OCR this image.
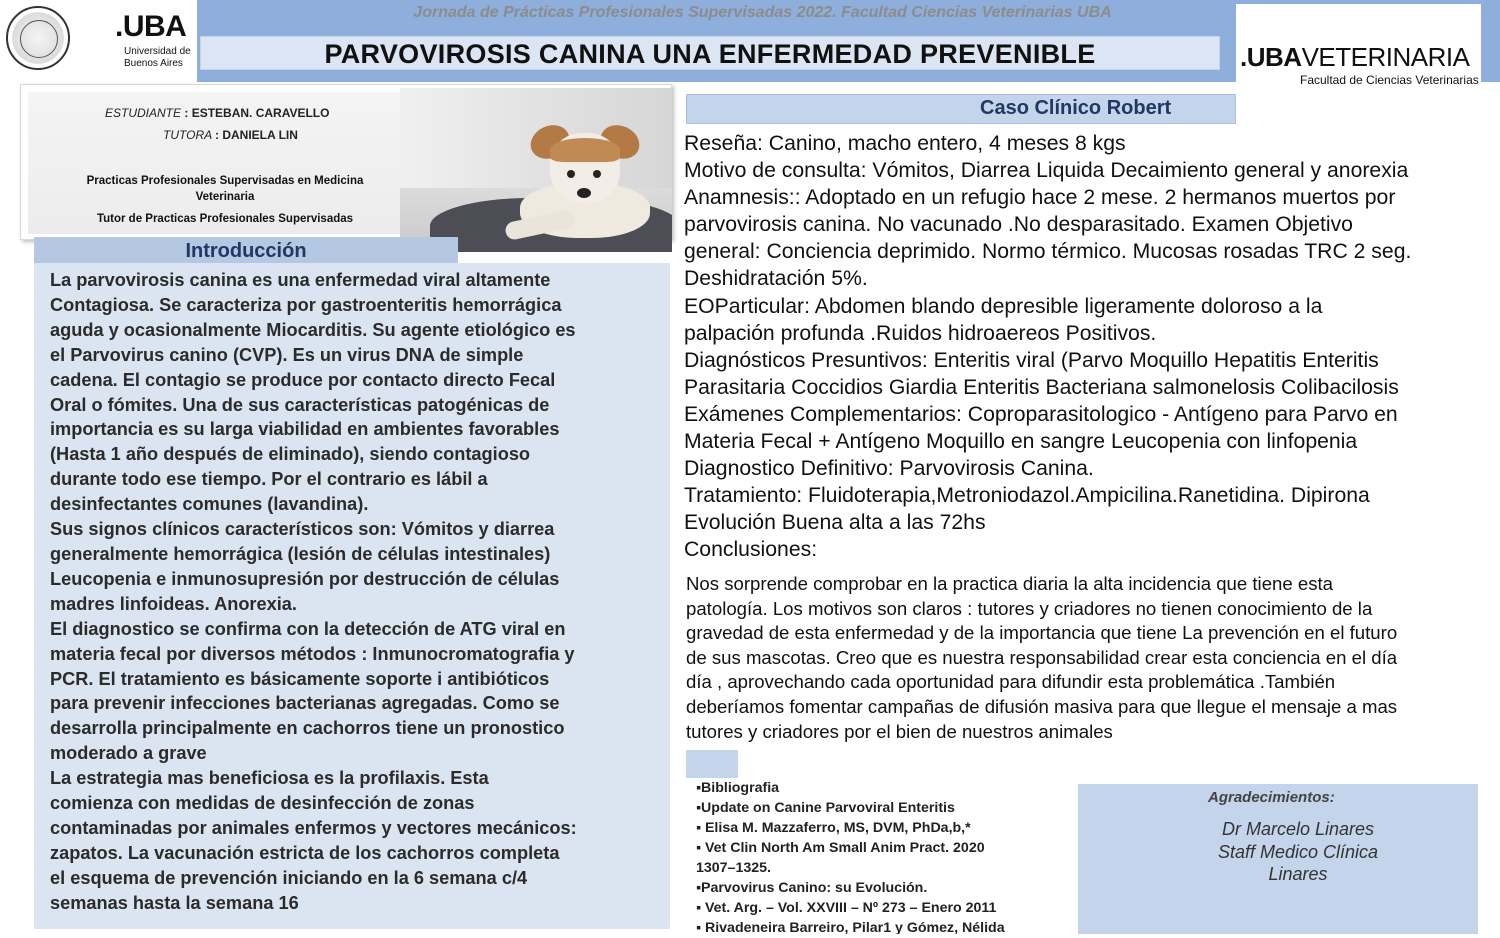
.UBA
Universidad de
Buenos Aires
Jornada de Prácticas Profesionales Supervisadas 2022. Facultad Ciencias Veterinarias UBA
PARVOVIROSIS CANINA UNA ENFERMEDAD PREVENIBLE	.UBAVETERINARIA
Facultad de Ciencias Veterinarias
ESTUDIANTE : ESTEBAN. CARAVELLO
TUTORA : DANIELA LIN
Practicas Profesionales Supervisadas en Medicina
Veterinaria
Tutor de Practicas Profesionales Supervisadas
Introducción
La parvovirosis canina es una enfermedad viral altamente
Contagiosa. Se caracteriza por gastroenteritis hemorrágica
aguda y ocasionalmente Miocarditis. Su agente etiológico es
el Parvovirus canino (CVP). Es un virus DNA de simple
cadena. El contagio se produce por contacto directo Fecal
Oral o fómites. Una de sus características patogénicas de
importancia es su larga viabilidad en ambientes favorables
(Hasta 1 año después de eliminado), siendo contagioso
durante todo ese tiempo. Por el contrario es lábil a
desinfectantes comunes (lavandina).
Sus signos clínicos característicos son: Vómitos y diarrea
generalmente hemorrágica (lesión de células intestinales)
Leucopenia e inmunosupresión por destrucción de células
madres linfoideas. Anorexia.
El diagnostico se confirma con la detección de ATG viral en
materia fecal por diversos métodos : Inmunocromatografia y
PCR. El tratamiento es básicamente soporte i antibióticos
para prevenir infecciones bacterianas agregadas. Como se
desarrolla principalmente en cachorros tiene un pronostico
moderado a grave
La estrategia mas beneficiosa es la profilaxis. Esta
comienza con medidas de desinfección de zonas
contaminadas por animales enfermos y vectores mecánicos:
zapatos. La vacunación estricta de los cachorros completa
el esquema de prevención iniciando en la 6 semana c/4
semanas hasta la semana 16
Caso Clínico Robert
Reseña: Canino, macho entero, 4 meses 8 kgs
Motivo de consulta: Vómitos, Diarrea Liquida Decaimiento general y anorexia
Anamnesis:: Adoptado en un refugio hace 2 mese. 2 hermanos muertos por
parvovirosis canina. No vacunado .No desparasitado. Examen Objetivo
general: Conciencia deprimido. Normo térmico. Mucosas rosadas TRC 2 seg.
Deshidratación 5%.
EOParticular: Abdomen blando depresible ligeramente doloroso a la
palpación profunda .Ruidos hidroaereos Positivos.
Diagnósticos Presuntivos: Enteritis viral (Parvo Moquillo Hepatitis Enteritis
Parasitaria Coccidios Giardia Enteritis Bacteriana salmonelosis Colibacilosis
Exámenes Complementarios: Coproparasitologico - Antígeno para Parvo en
Materia Fecal + Antígeno Moquillo en sangre Leucopenia con linfopenia
Diagnostico Definitivo: Parvovirosis Canina.
Tratamiento: Fluidoterapia,Metroniodazol.Ampicilina.Ranetidina. Dipirona
Evolución Buena alta a las 72hs
Conclusiones:
Nos sorprende comprobar en la practica diaria la alta incidencia que tiene esta
patología. Los motivos son claros : tutores y criadores no tienen conocimiento de la
gravedad de esta enfermedad y de la importancia que tiene La prevención en el futuro
de sus mascotas. Creo que es nuestra responsabilidad crear esta conciencia en el día
día , aprovechando cada oportunidad para difundir esta problemática .También
deberíamos fomentar campañas de difusión masiva para que llegue el mensaje a mas
tutores y criadores por el bien de nuestros animales
▪Bibliografia
▪Update on Canine Parvoviral Enteritis
▪ Elisa M. Mazzaferro, MS, DVM, PhDa,b,*
▪ Vet Clin North Am Small Anim Pract. 2020
1307–1325.
▪Parvovirus Canino: su Evolución.
▪ Vet. Arg. – Vol. XXVIII – Nº 273 – Enero 2011
▪ Rivadeneira Barreiro, Pilar1 y Gómez, Nélida
Agradecimientos:
Dr Marcelo Linares
Staff Medico Clínica
Linares
